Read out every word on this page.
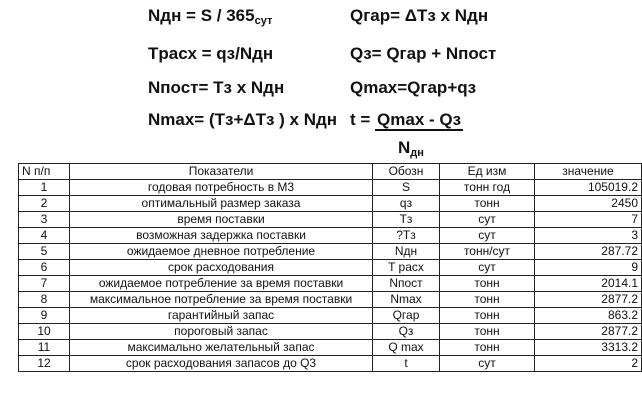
Nдн = S / $365_{сут}$
Tрасх = qз/Nдн
Nпост= Tз x Nдн
Nmax= (Tз+ΔTз ) x Nдн
Qгар= ΔTз x Nдн
Qз= Qгар + Nпост
Qmax=Qгар+qз
t = Qmax - Qз
$N_{дн}$
N п/п	Показатели	Обозн	Ед изм	значение
1	годовая потребность в М3	S	тонн год	105019.2
2	оптимальный размер заказа	qз	тонн	2450
3	время поставки	Tз	сут	7
4	возможная задержка поставки	?Tз	сут	3
5	ожидаемое дневное потребление	Nдн	тонн/сут	287.72
6	срок расходования	T расх	сут	9
7	ожидаемое потребление за время поставки	Nпост	тонн	2014.1
8	максимальное потребление за время поставки	Nmax	тонн	2877.2
9	гарантийный запас	Qгар	тонн	863.2
10	пороговый запас	Qз	тонн	2877.2
11	максимально желательный запас	Q max	тонн	3313.2
12	срок расходования запасов до Q3	t	сут	2
